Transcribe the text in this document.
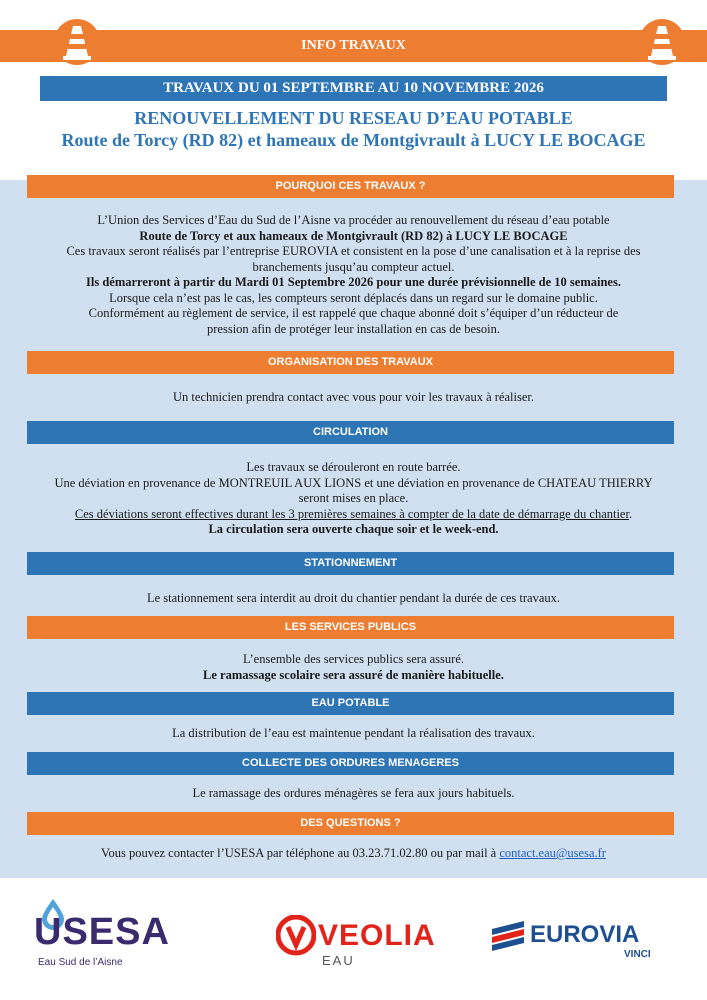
INFO TRAVAUX
TRAVAUX DU 01 SEPTEMBRE AU 10 NOVEMBRE 2026
RENOUVELLEMENT DU RESEAU D’EAU POTABLE
Route de Torcy (RD 82) et hameaux de Montgivrault à LUCY LE BOCAGE
POURQUOI CES TRAVAUX ?

L’Union des Services d’Eau du Sud de l’Aisne va procéder au renouvellement du réseau d’eau potable

Route de Torcy et aux hameaux de Montgivrault (RD 82) à LUCY LE BOCAGE

Ces travaux seront réalisés par l’entreprise EUROVIA et consistent en la pose d’une canalisation et à la reprise des

branchements jusqu’au compteur actuel.

Ils démarreront à partir du Mardi 01 Septembre 2026 pour une durée prévisionnelle de 10 semaines.

Lorsque cela n’est pas le cas, les compteurs seront déplacés dans un regard sur le domaine public.

Conformément au règlement de service, il est rappelé que chaque abonné doit s’équiper d’un réducteur de

pression afin de protéger leur installation en cas de besoin.

ORGANISATION DES TRAVAUX
Un technicien prendra contact avec vous pour voir les travaux à réaliser.
CIRCULATION

Les travaux se dérouleront en route barrée.

Une déviation en provenance de MONTREUIL AUX LIONS et une déviation en provenance de CHATEAU THIERRY

seront mises en place.

Ces déviations seront effectives durant les 3 premières semaines à compter de la date de démarrage du chantier.

La circulation sera ouverte chaque soir et le week-end.

STATIONNEMENT
Le stationnement sera interdit au droit du chantier pendant la durée de ces travaux.
LES SERVICES PUBLICS

L’ensemble des services publics sera assuré.

Le ramassage scolaire sera assuré de manière habituelle.

EAU POTABLE
La distribution de l’eau est maintenue pendant la réalisation des travaux.
COLLECTE DES ORDURES MENAGERES
Le ramassage des ordures ménagères se fera aux jours habituels.
DES QUESTIONS ?
Vous pouvez contacter l’USESA par téléphone au 03.23.71.02.80 ou par mail à contact.eau@usesa.fr
USESA
Eau Sud de l’Aisne
VEOLIA
EAU
EUROVIA
VINCI
